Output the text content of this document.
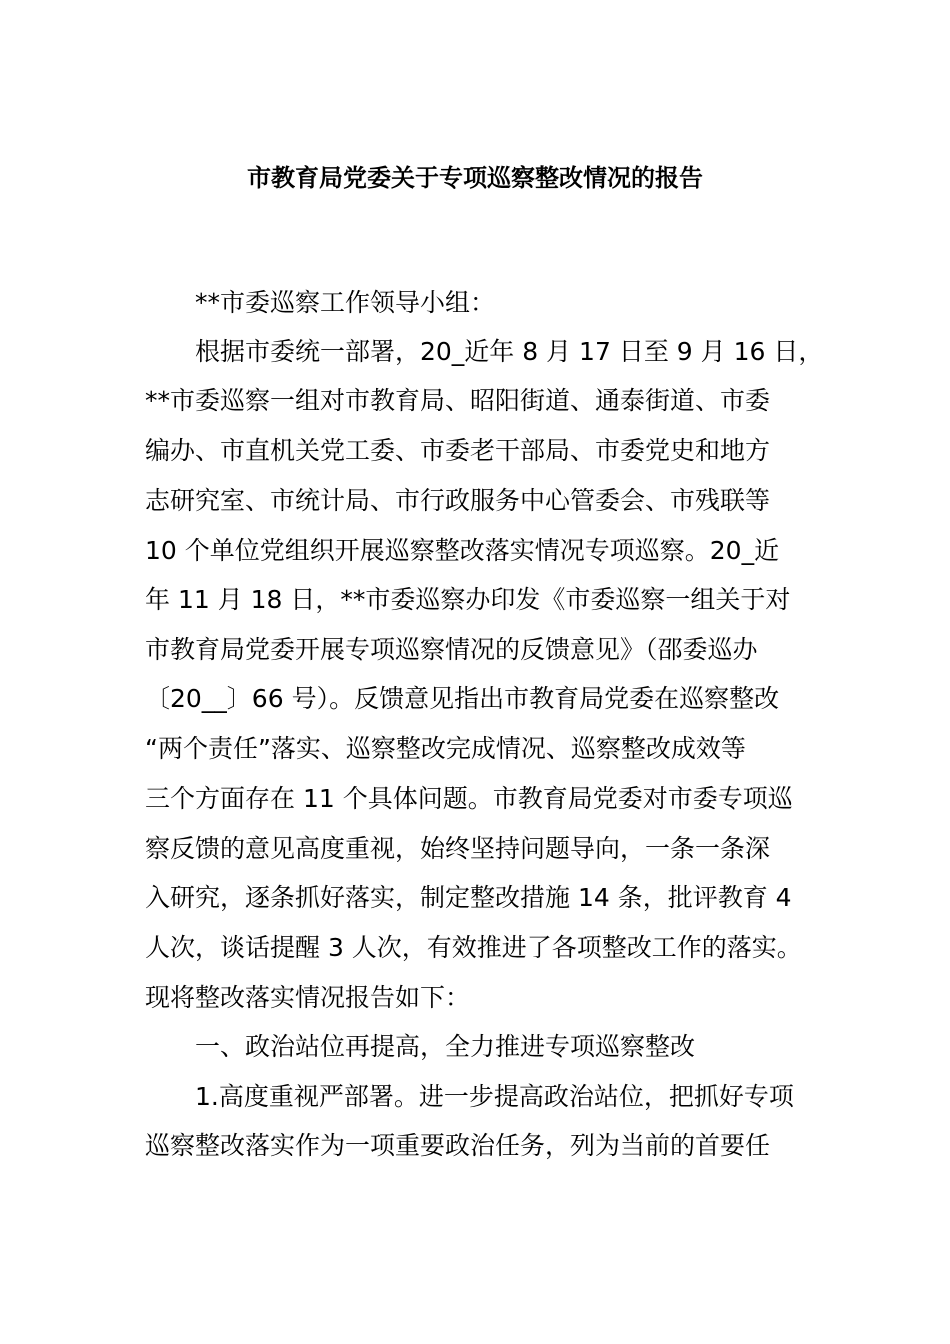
市教育局党委关于专项巡察整改情况的报告
**市委巡察工作领导小组：
根据市委统一部署，20_近年 8 月 17 日至 9 月 16 日，
**市委巡察一组对市教育局、昭阳街道、通泰街道、市委
编办、市直机关党工委、市委老干部局、市委党史和地方
志研究室、市统计局、市行政服务中心管委会、市残联等
10 个单位党组织开展巡察整改落实情况专项巡察。20_近
年 11 月 18 日，**市委巡察办印发《市委巡察一组关于对
市教育局党委开展专项巡察情况的反馈意见》（邵委巡办
〔20__〕66 号）。反馈意见指出市教育局党委在巡察整改
“两个责任”落实、巡察整改完成情况、巡察整改成效等
三个方面存在 11 个具体问题。市教育局党委对市委专项巡
察反馈的意见高度重视，始终坚持问题导向，一条一条深
入研究，逐条抓好落实，制定整改措施 14 条，批评教育 4
人次，谈话提醒 3 人次，有效推进了各项整改工作的落实。
现将整改落实情况报告如下：
一、政治站位再提高，全力推进专项巡察整改
1.高度重视严部署。进一步提高政治站位，把抓好专项
巡察整改落实作为一项重要政治任务，列为当前的首要任
